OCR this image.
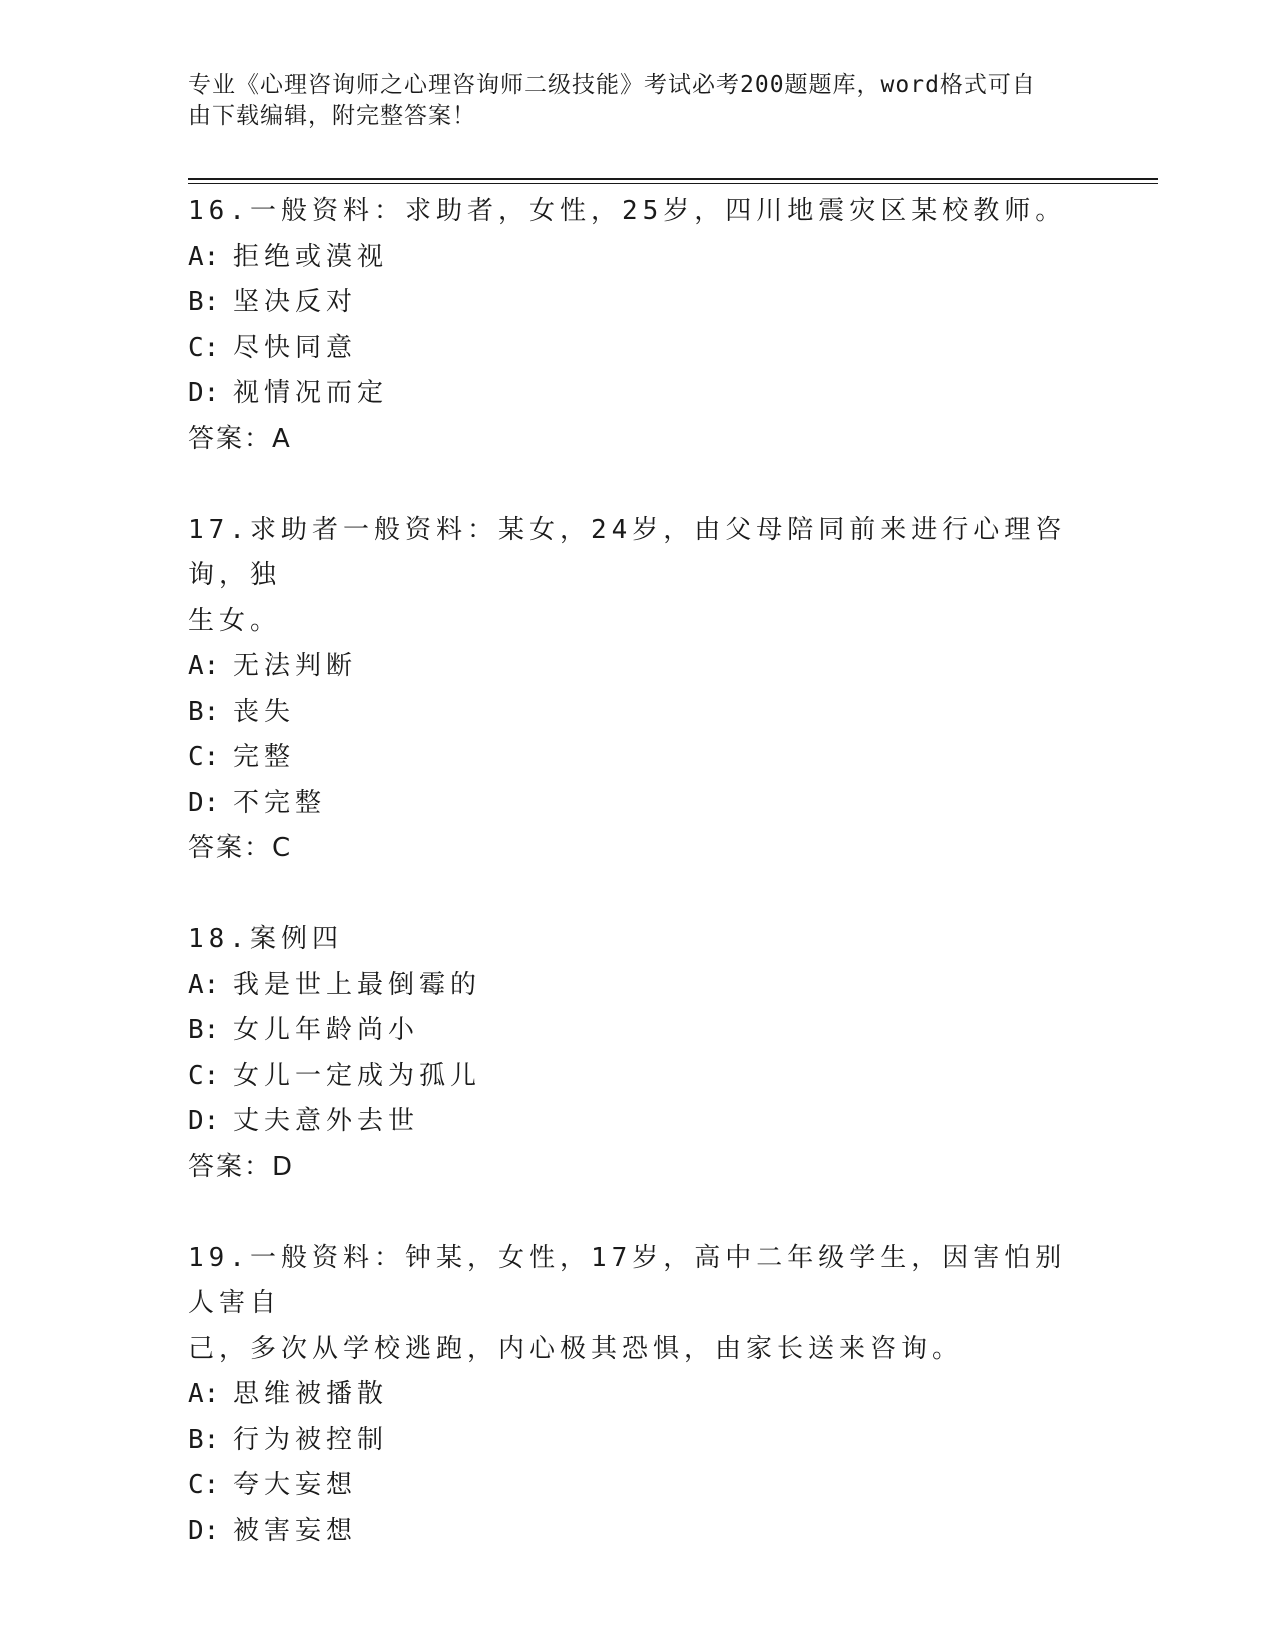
专业《心理咨询师之心理咨询师二级技能》考试必考200题题库，word格式可自
由下载编辑，附完整答案！
16.一般资料：求助者，女性，25岁，四川地震灾区某校教师。
A: 拒绝或漠视
B: 坚决反对
C: 尽快同意
D: 视情况而定
答案：A
17.求助者一般资料：某女，24岁，由父母陪同前来进行心理咨询，独
生女。
A: 无法判断
B: 丧失
C: 完整
D: 不完整
答案：C
18.案例四
A: 我是世上最倒霉的
B: 女儿年龄尚小
C: 女儿一定成为孤儿
D: 丈夫意外去世
答案：D
19.一般资料：钟某，女性，17岁，高中二年级学生，因害怕别人害自
己，多次从学校逃跑，内心极其恐惧，由家长送来咨询。
A: 思维被播散
B: 行为被控制
C: 夸大妄想
D: 被害妄想
